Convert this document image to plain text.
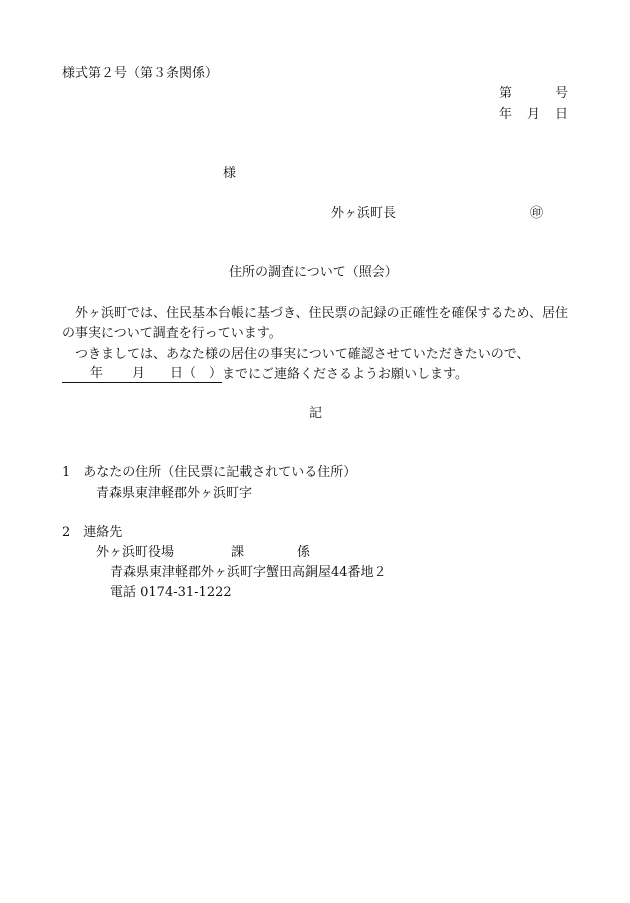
様式第２号（第３条関係）
第	号
年 月 日
様
外ヶ浜町長	㊞
住所の調査について（照会）
外ヶ浜町では、住民基本台帳に基づき、住民票の記録の正確性を確保するため、居住の事実について調査を行っています。
つきましては、あなた様の居住の事実について確認させていただきたいので、
年 月 日（　） までにご連絡くださるようお願いします。
記
1　あなたの住所（住民票に記載されている住所）
青森県東津軽郡外ヶ浜町字
2　連絡先
外ヶ浜町役場	課	係
青森県東津軽郡外ヶ浜町字蟹田高銅屋44番地２
電話 0174-31-1222
